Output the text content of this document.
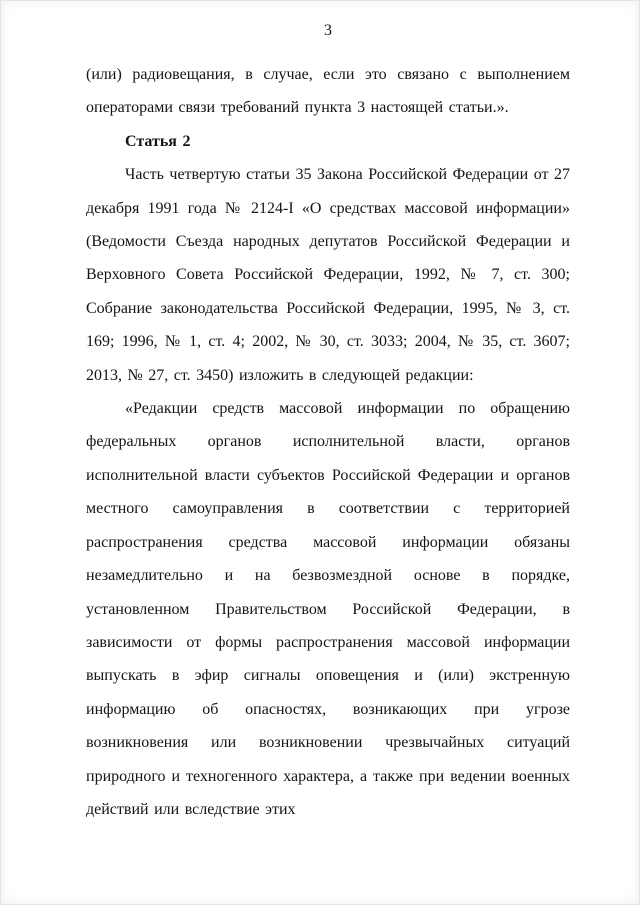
3

(или) радиовещания, в случае, если это связано с выполнением операторами связи требований пункта 3 настоящей статьи.».

Статья 2

Часть четвертую статьи 35 Закона Российской Федерации от 27 декабря 1991 года № 2124-I «О средствах массовой информации» (Ведомости Съезда народных депутатов Российской Федерации и Верховного Совета Российской Федерации, 1992, № 7, ст. 300; Собрание законодательства Российской Федерации, 1995, № 3, ст. 169; 1996, № 1, ст. 4; 2002, № 30, ст. 3033; 2004, № 35, ст. 3607; 2013, № 27, ст. 3450) изложить в следующей редакции:

«Редакции средств массовой информации по обращению федеральных органов исполнительной власти, органов исполнительной власти субъектов Российской Федерации и органов местного самоуправления в соответствии с территорией распространения средства массовой информации обязаны незамедлительно и на безвозмездной основе в порядке, установленном Правительством Российской Федерации, в зависимости от формы распространения массовой информации выпускать в эфир сигналы оповещения и (или) экстренную информацию об опасностях, возникающих при угрозе возникновения или возникновении чрезвычайных ситуаций природного и техногенного характера, а также при ведении военных действий или вследствие этих
